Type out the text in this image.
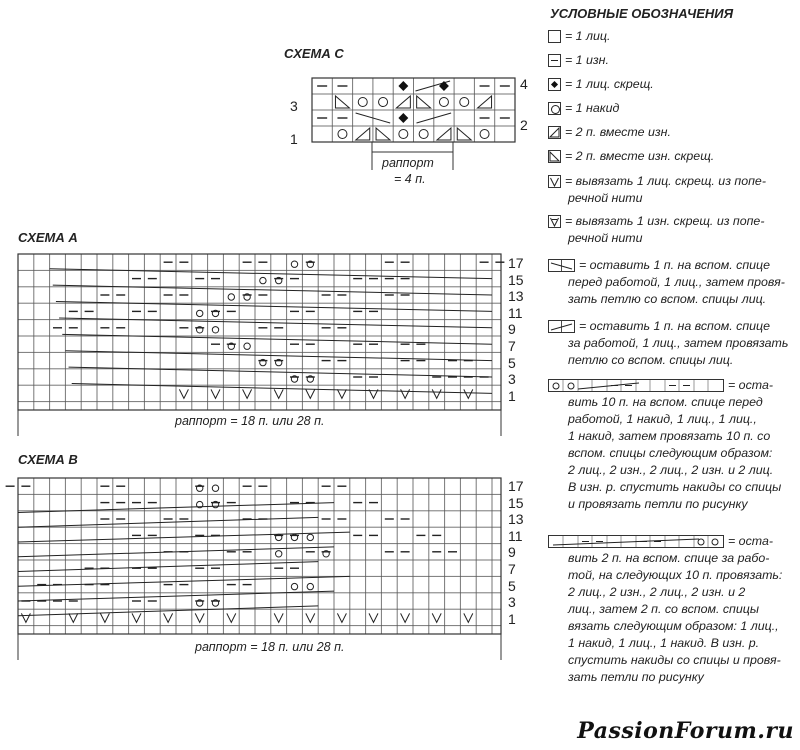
СХЕМА С
4
2
3
1
раппорт
= 4 п.
СХЕМА А
раппорт = 18 п. или 28 п.
17
15
13
11
9
7
5
3
1
СХЕМА В
раппорт = 18 п. или 28 п.
17
15
13
11
9
7
5
3
1
УСЛОВНЫЕ ОБОЗНАЧЕНИЯ
= 1 лиц.
= 1 изн.
= 1 лиц. скрещ.
= 1 накид
= 2 п. вместе изн.
= 2 п. вместе изн. скрещ.
= вывязать 1 лиц. скрещ. из попе-
речной нити
= вывязать 1 изн. скрещ. из попе-
речной нити
= оставить 1 п. на вспом. спице
перед работой, 1 лиц., затем провя-
зать петлю со вспом. спицы лиц.
= оставить 1 п. на вспом. спице
за работой, 1 лиц., затем провязать
петлю со вспом. спицы лиц.
= оста-
вить 10 п. на вспом. спице перед
работой, 1 накид, 1 лиц., 1 лиц.,
1 накид, затем провязать 10 п. со
вспом. спицы следующим образом:
2 лиц., 2 изн., 2 лиц., 2 изн. и 2 лиц.
В изн. р. спустить накиды со спицы
и провязать петли по рисунку
= оста-
вить 2 п. на вспом. спице за рабо-
той, на следующих 10 п. провязать:
2 лиц., 2 изн., 2 лиц., 2 изн. и 2
лиц., затем 2 п. со вспом. спицы
вязать следующим образом: 1 лиц.,
1 накид, 1 лиц., 1 накид. В изн. р.
спустить накиды со спицы и провя-
зать петли по рисунку
PassionForum.ru
